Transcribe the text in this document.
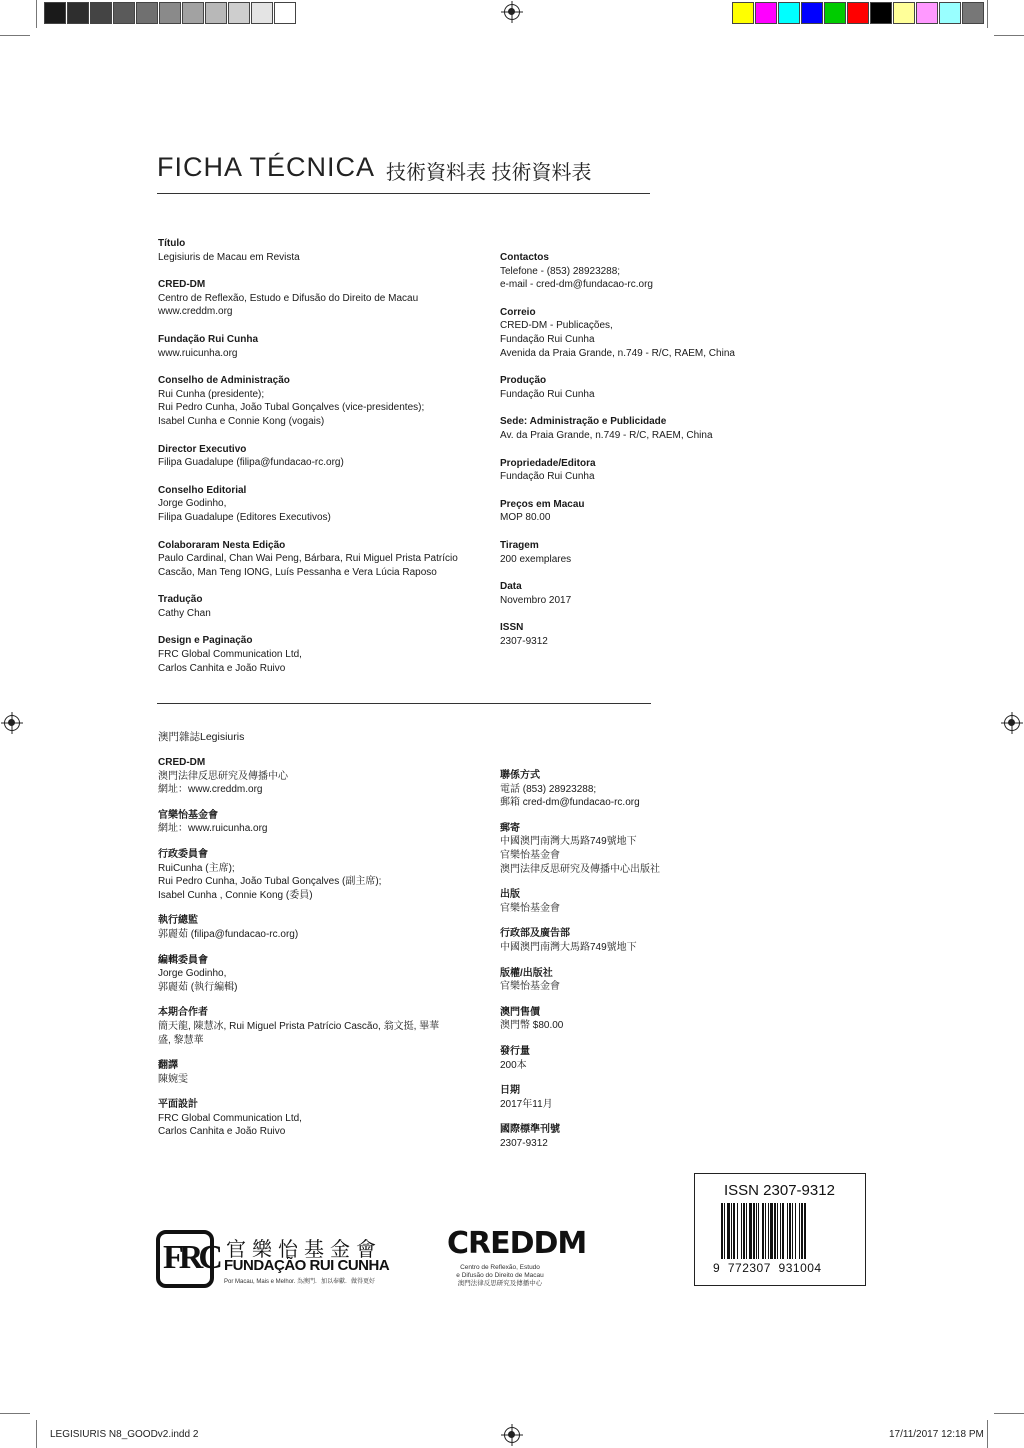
FICHA TÉCNICA 技術資料表 技術資料表
Título
Legisiuris de Macau em Revista
CRED-DM
Centro de Reflexão, Estudo e Difusão do Direito de Macau
www.creddm.org
Fundação Rui Cunha
www.ruicunha.org
Conselho de Administração
Rui Cunha (presidente);
Rui Pedro Cunha, João Tubal Gonçalves (vice-presidentes);
Isabel Cunha e Connie Kong (vogais)
Director Executivo
Filipa Guadalupe (filipa@fundacao-rc.org)
Conselho Editorial
Jorge Godinho,
Filipa Guadalupe (Editores Executivos)
Colaboraram Nesta Edição
Paulo Cardinal, Chan Wai Peng, Bárbara, Rui Miguel Prista Patrício
Cascão, Man Teng IONG, Luís Pessanha e Vera Lúcia Raposo
Tradução
Cathy Chan
Design e Paginação
FRC Global Communication Ltd,
Carlos Canhita e João Ruivo
Contactos
Telefone - (853) 28923288;
e-mail - cred-dm@fundacao-rc.org
Correio
CRED-DM - Publicações,
Fundação Rui Cunha
Avenida da Praia Grande, n.749 - R/C, RAEM, China
Produção
Fundação Rui Cunha
Sede: Administração e Publicidade
Av. da Praia Grande, n.749 - R/C, RAEM, China
Propriedade/Editora
Fundação Rui Cunha
Preços em Macau
MOP 80.00
Tiragem
200 exemplares
Data
Novembro 2017
ISSN
2307-9312
澳門雜誌Legisiuris
CRED-DM
澳門法律反思研究及傳播中心
網址：www.creddm.org
官樂怡基金會
網址：www.ruicunha.org
行政委員會
RuiCunha (主席);
Rui Pedro Cunha, João Tubal Gonçalves (副主席);
Isabel Cunha , Connie Kong (委員)
執行總監
郭麗茹 (filipa@fundacao-rc.org)
編輯委員會
Jorge Godinho,
郭麗茹 (執行編輯)
本期合作者
簡天龍, 陳慧冰, Rui Miguel Prista Patrício Cascão, 翁文挺, 畢華
盛, 黎慧華
翻譯
陳婉雯
平面設計
FRC Global Communication Ltd,
Carlos Canhita e João Ruivo
聯係方式
電話 (853) 28923288;
郵箱 cred-dm@fundacao-rc.org
郵寄
中國澳門南灣大馬路749號地下
官樂怡基金會
澳門法律反思研究及傳播中心出版社
出版
官樂怡基金會
行政部及廣告部
中國澳門南灣大馬路749號地下
版權/出版社
官樂怡基金會
澳門售價
澳門幣 $80.00
發行量
200本
日期
2017年11月
國際標準刊號
2307-9312
FRC 官樂怡基金會
FUNDAÇÃO RUI CUNHA
Por Macau, Mais e Melhor. 為澳門．加以奉獻．做得更好
CREDDM
Centro de Reflexão, Estudo
e Difusão do Direito de Macau
澳門法律反思研究及傳播中心
ISSN 2307-9312
9  772307  931004
LEGISIURIS N8_GOODv2.indd 2	17/11/2017 12:18 PM
